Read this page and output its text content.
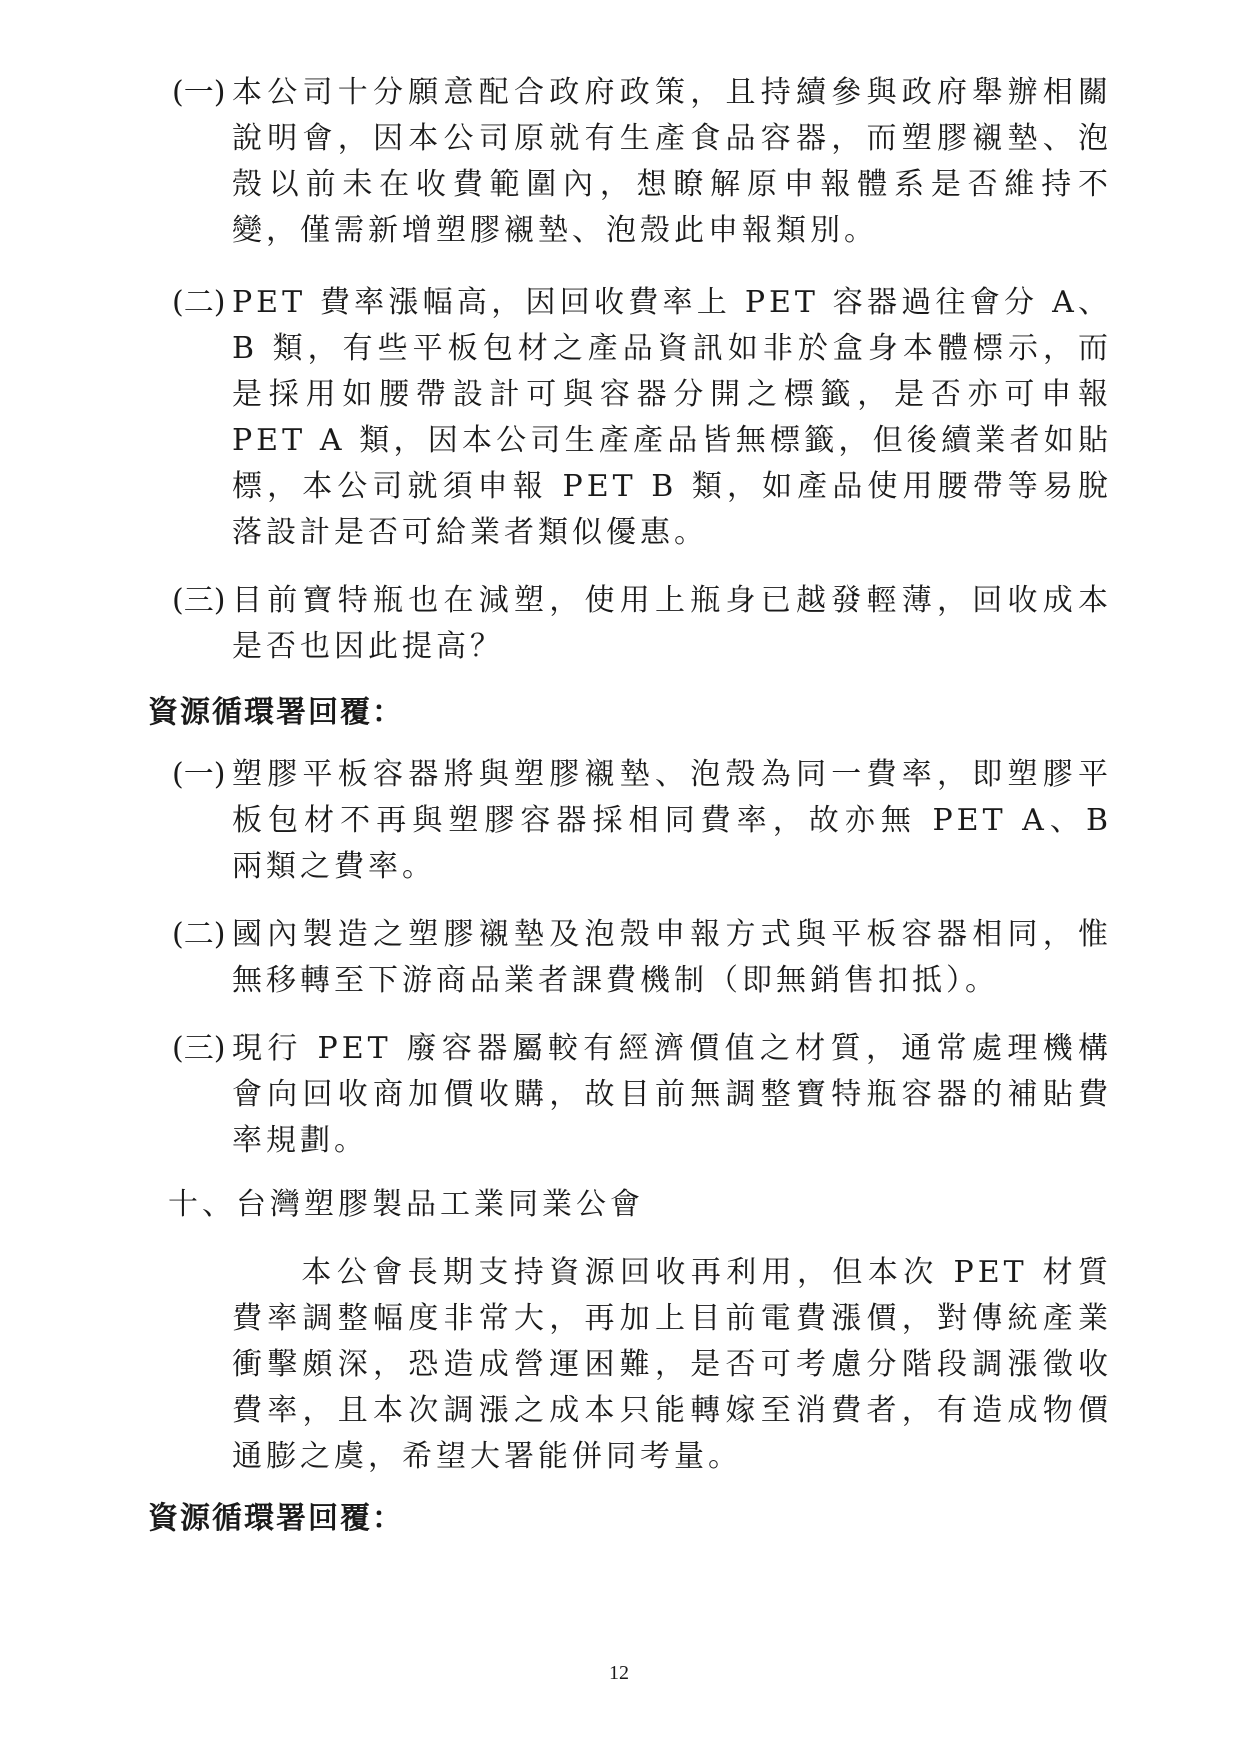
(一) 本公司十分願意配合政府政策，且持續參與政府舉辦相關說明會，因本公司原就有生產食品容器，而塑膠襯墊、泡殼以前未在收費範圍內，想瞭解原申報體系是否維持不變，僅需新增塑膠襯墊、泡殼此申報類別。
(二) PET 費率漲幅高，因回收費率上 PET 容器過往會分 A、B 類，有些平板包材之產品資訊如非於盒身本體標示，而是採用如腰帶設計可與容器分開之標籤，是否亦可申報 PET A 類，因本公司生產產品皆無標籤，但後續業者如貼標，本公司就須申報 PET B 類，如產品使用腰帶等易脫落設計是否可給業者類似優惠。
(三) 目前寶特瓶也在減塑，使用上瓶身已越發輕薄，回收成本是否也因此提高？
資源循環署回覆：
(一) 塑膠平板容器將與塑膠襯墊、泡殼為同一費率，即塑膠平板包材不再與塑膠容器採相同費率，故亦無 PET A、B 兩類之費率。
(二) 國內製造之塑膠襯墊及泡殼申報方式與平板容器相同，惟無移轉至下游商品業者課費機制（即無銷售扣抵）。
(三) 現行 PET 廢容器屬較有經濟價值之材質，通常處理機構會向回收商加價收購，故目前無調整寶特瓶容器的補貼費率規劃。
十、台灣塑膠製品工業同業公會
本公會長期支持資源回收再利用，但本次 PET 材質費率調整幅度非常大，再加上目前電費漲價，對傳統產業衝擊頗深，恐造成營運困難，是否可考慮分階段調漲徵收費率，且本次調漲之成本只能轉嫁至消費者，有造成物價通膨之虞，希望大署能併同考量。
資源循環署回覆：
12
